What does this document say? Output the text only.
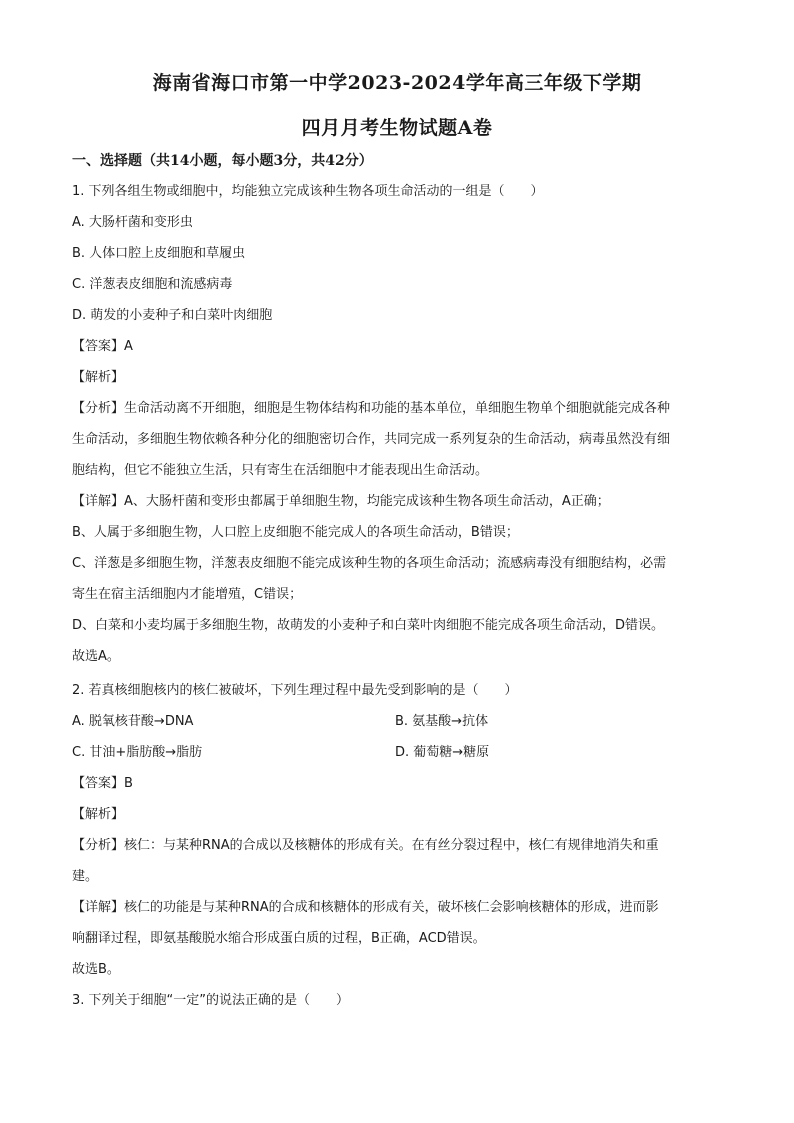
海南省海口市第一中学2023-2024学年高三年级下学期
四月月考生物试题A卷
一、选择题（共14小题，每小题3分，共42分）
1. 下列各组生物或细胞中，均能独立完成该种生物各项生命活动的一组是（　　）
A. 大肠杆菌和变形虫
B. 人体口腔上皮细胞和草履虫
C. 洋葱表皮细胞和流感病毒
D. 萌发的小麦种子和白菜叶肉细胞
【答案】A
【解析】
【分析】生命活动离不开细胞，细胞是生物体结构和功能的基本单位，单细胞生物单个细胞就能完成各种
生命活动，多细胞生物依赖各种分化的细胞密切合作，共同完成一系列复杂的生命活动，病毒虽然没有细
胞结构，但它不能独立生活，只有寄生在活细胞中才能表现出生命活动。
【详解】A、大肠杆菌和变形虫都属于单细胞生物，均能完成该种生物各项生命活动，A正确；
B、人属于多细胞生物，人口腔上皮细胞不能完成人的各项生命活动，B错误；
C、洋葱是多细胞生物，洋葱表皮细胞不能完成该种生物的各项生命活动；流感病毒没有细胞结构，必需
寄生在宿主活细胞内才能增殖，C错误；
D、白菜和小麦均属于多细胞生物，故萌发的小麦种子和白菜叶肉细胞不能完成各项生命活动，D错误。
故选A。
2. 若真核细胞核内的核仁被破坏，下列生理过程中最先受到影响的是（　　）
A. 脱氧核苷酸→DNA	B. 氨基酸→抗体
C. 甘油+脂肪酸→脂肪	D. 葡萄糖→糖原
【答案】B
【解析】
【分析】核仁：与某种RNA的合成以及核糖体的形成有关。在有丝分裂过程中，核仁有规律地消失和重
建。
【详解】核仁的功能是与某种RNA的合成和核糖体的形成有关，破坏核仁会影响核糖体的形成，进而影
响翻译过程，即氨基酸脱水缩合形成蛋白质的过程，B正确，ACD错误。
故选B。
3. 下列关于细胞“一定”的说法正确的是（　　）
